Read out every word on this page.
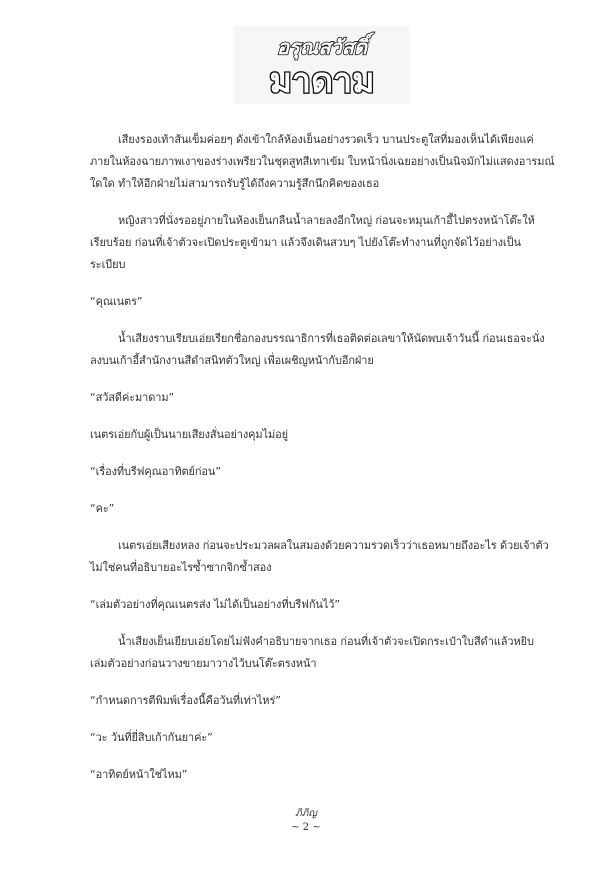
อรุณสวัสดิ์
มาดาม

เสียงรองเท้าส้นเข็มค่อยๆ ดังเข้าใกล้ห้องเย็นอย่างรวดเร็ว บานประตูใสที่มองเห็นได้เพียงแค่
ภายในห้องฉายภาพเงาของร่างเพรียวในชุดสูทสีเทาเข้ม ใบหน้านิ่งเฉยอย่างเป็นนิจมักไม่แสดงอารมณ์
ใดใด ทำให้อีกฝ่ายไม่สามารถรับรู้ได้ถึงความรู้สึกนึกคิดของเธอ

หญิงสาวที่นั่งรออยู่ภายในห้องเย็นกลืนน้ำลายลงอีกใหญ่ ก่อนจะหมุนเก้าอี้ไปตรงหน้าโต๊ะให้
เรียบร้อย ก่อนที่เจ้าตัวจะเปิดประตูเข้ามา แล้วจึงเดินสวบๆ ไปยังโต๊ะทำงานที่ถูกจัดไว้อย่างเป็น
ระเบียบ

“คุณเนตร”

น้ำเสียงราบเรียบเอ่ยเรียกชื่อกองบรรณาธิการที่เธอติดต่อเลขาให้นัดพบเจ้าวันนี้ ก่อนเธอจะนั่ง
ลงบนเก้าอี้สำนักงานสีดำสนิทตัวใหญ่ เพื่อเผชิญหน้ากับอีกฝ่าย

“สวัสดีค่ะมาดาม”

เนตรเอ่ยกับผู้เป็นนายเสียงสั่นอย่างคุมไม่อยู่

“เรื่องที่บรีฟคุณอาทิตย์ก่อน”

“คะ”

เนตรเอ่ยเสียงหลง ก่อนจะประมวลผลในสมองด้วยความรวดเร็วว่าเธอหมายถึงอะไร ด้วยเจ้าตัว
ไม่ใช่คนที่อธิบายอะไรซ้ำซากจิกซ้ำสอง

“เล่มตัวอย่างที่คุณเนตรส่ง ไม่ได้เป็นอย่างที่บรีฟกันไว้”

น้ำเสียงเย็นเยียบเอ่ยโดยไม่ฟังคำอธิบายจากเธอ ก่อนที่เจ้าตัวจะเปิดกระเป๋าใบสีดำแล้วหยิบ
เล่มตัวอย่างก่อนวางขายมาวางไว้บนโต๊ะตรงหน้า

“กำหนดการตีพิมพ์เรื่องนี้คือวันที่เท่าไหร่”

“วะ วันที่ยี่สิบเก้ากันยาค่ะ”

“อาทิตย์หน้าใช่ไหม”

ภิภิญ
~ 2 ~
